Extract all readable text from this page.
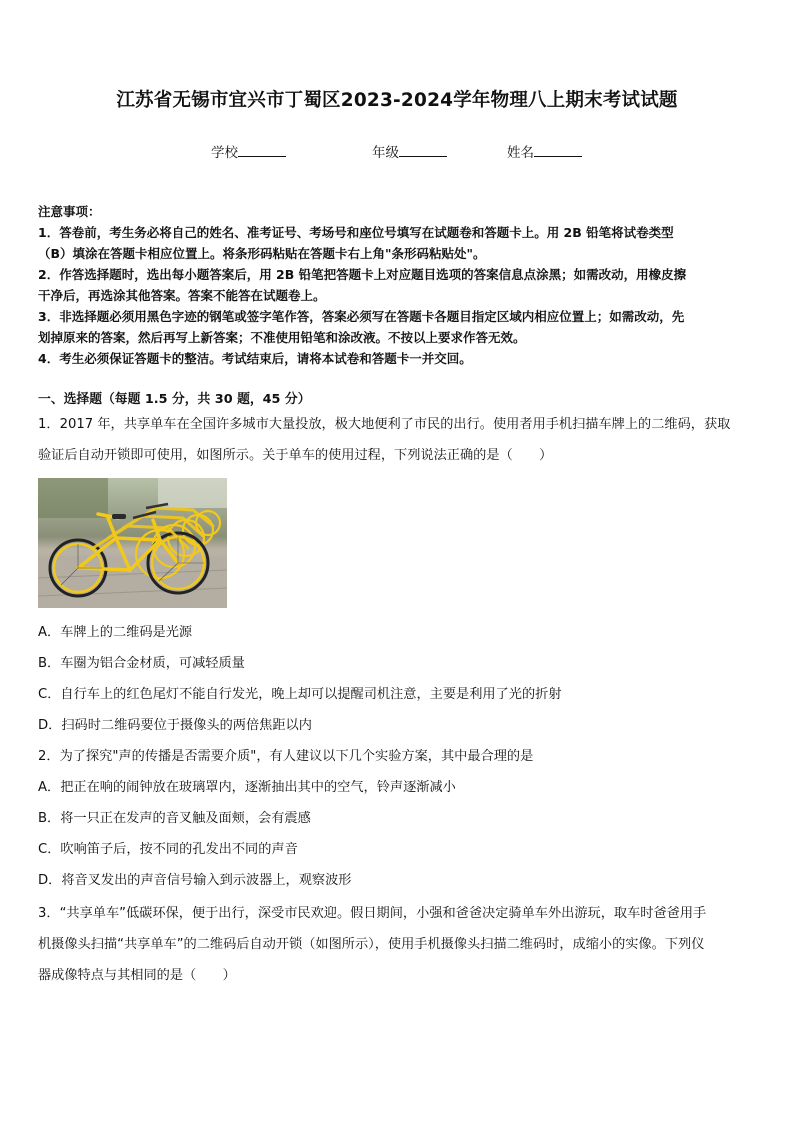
江苏省无锡市宜兴市丁蜀区2023-2024学年物理八上期末考试试题
学校	年级	姓名
注意事项：
1．答卷前，考生务必将自己的姓名、准考证号、考场号和座位号填写在试题卷和答题卡上。用 2B 铅笔将试卷类型
（B）填涂在答题卡相应位置上。将条形码粘贴在答题卡右上角"条形码粘贴处"。
2．作答选择题时，选出每小题答案后，用 2B 铅笔把答题卡上对应题目选项的答案信息点涂黑；如需改动，用橡皮擦
干净后，再选涂其他答案。答案不能答在试题卷上。
3．非选择题必须用黑色字迹的钢笔或签字笔作答，答案必须写在答题卡各题目指定区域内相应位置上；如需改动，先
划掉原来的答案，然后再写上新答案；不准使用铅笔和涂改液。不按以上要求作答无效。
4．考生必须保证答题卡的整洁。考试结束后，请将本试卷和答题卡一并交回。
一、选择题（每题 1.5 分，共 30 题，45 分）
1．2017 年，共享单车在全国许多城市大量投放，极大地便利了市民的出行。使用者用手机扫描车牌上的二维码，获取
验证后自动开锁即可使用，如图所示。关于单车的使用过程，下列说法正确的是（　　）
A．车牌上的二维码是光源
B．车圈为铝合金材质，可减轻质量
C．自行车上的红色尾灯不能自行发光，晚上却可以提醒司机注意，主要是利用了光的折射
D．扫码时二维码要位于摄像头的两倍焦距以内
2．为了探究"声的传播是否需要介质"，有人建议以下几个实验方案，其中最合理的是
A．把正在响的闹钟放在玻璃罩内，逐渐抽出其中的空气，铃声逐渐减小
B．将一只正在发声的音叉触及面颊，会有震感
C．吹响笛子后，按不同的孔发出不同的声音
D．将音叉发出的声音信号输入到示波器上，观察波形
3．“共享单车”低碳环保，便于出行，深受市民欢迎。假日期间，小强和爸爸决定骑单车外出游玩，取车时爸爸用手
机摄像头扫描“共享单车”的二维码后自动开锁（如图所示），使用手机摄像头扫描二维码时，成缩小的实像。下列仪
器成像特点与其相同的是（　　）
